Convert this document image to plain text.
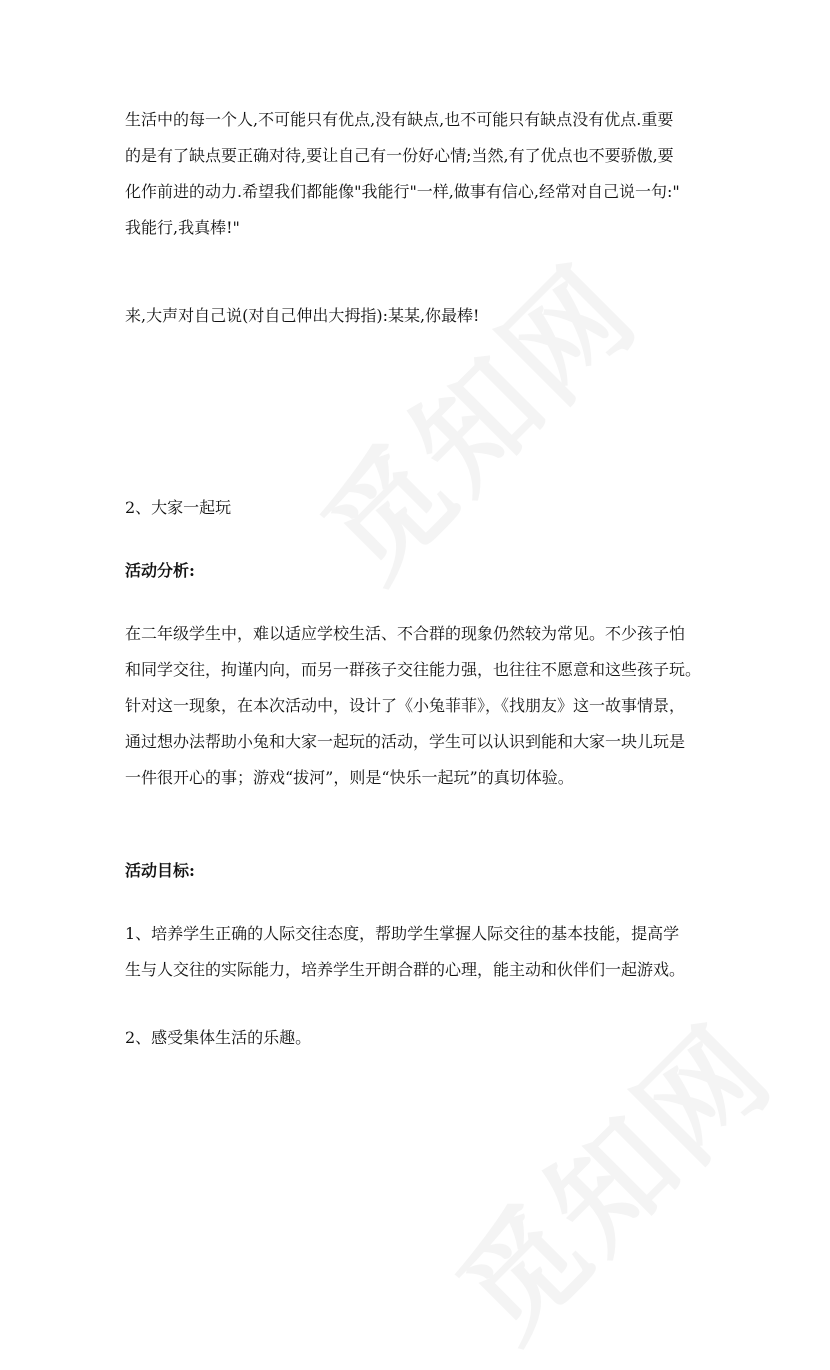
生活中的每一个人,不可能只有优点,没有缺点,也不可能只有缺点没有优点.重要
的是有了缺点要正确对待,要让自己有一份好心情;当然,有了优点也不要骄傲,要
化作前进的动力.希望我们都能像"我能行"一样,做事有信心,经常对自己说一句:"
我能行,我真棒!"
来,大声对自己说(对自己伸出大拇指):某某,你最棒!
2、大家一起玩
活动分析:
在二年级学生中，难以适应学校生活、不合群的现象仍然较为常见。不少孩子怕
和同学交往，拘谨内向，而另一群孩子交往能力强，也往往不愿意和这些孩子玩。
针对这一现象，在本次活动中，设计了《小兔菲菲》，《找朋友》这一故事情景，
通过想办法帮助小兔和大家一起玩的活动，学生可以认识到能和大家一块儿玩是
一件很开心的事；游戏“拔河”，则是“快乐一起玩”的真切体验。
活动目标:
1、培养学生正确的人际交往态度，帮助学生掌握人际交往的基本技能，提高学
生与人交往的实际能力，培养学生开朗合群的心理，能主动和伙伴们一起游戏。
2、感受集体生活的乐趣。
